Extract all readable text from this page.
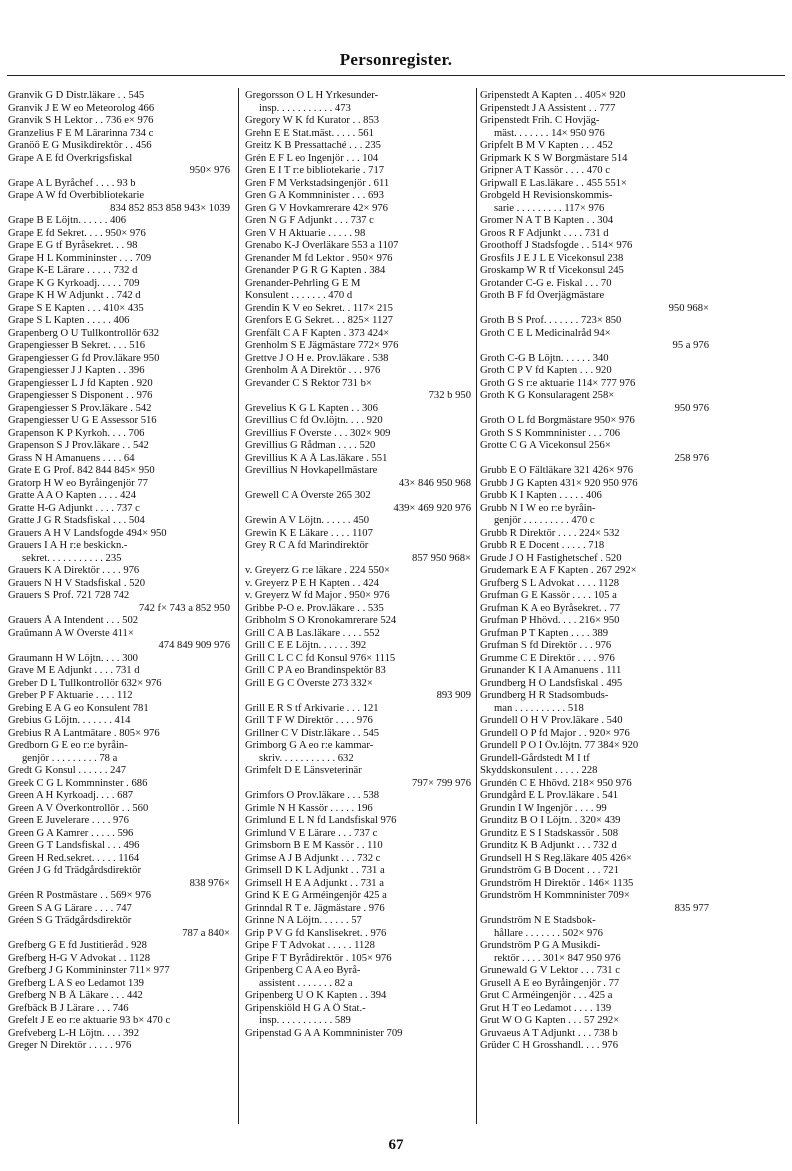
Personregister.
Granvik G D Distr.läkare . . 545
Granvik J E W eo Meteorolog 466
Granvik S H Lektor . . 736 e× 976
Granzelius F E M Lärarinna 734 c
Granöö E G Musikdirektör . . 456
Grape A E fd Överkrigsfiskal
950× 976
Grape A L Byråchef . . . . 93 b
Grape A W fd Överbibliotekarie
834 852 853 858 943× 1039
Grape B E Löjtn. . . . . . 406
Grape E fd Sekret. . . . 950× 976
Grape E G tf Byråsekret. . . 98
Grape H L Kommininster . . . 709
Grape K-E Lärare . . . . . 732 d
Grape K G Kyrkoadj. . . . . 709
Grape K H W Adjunkt . . 742 d
Grape S E Kapten . . . 410× 435
Grape S L Kapten . . . . . 406
Grapenberg O U Tullkontrollör 632
Grapengiesser B Sekret. . . . 516
Grapengiesser G fd Prov.läkare 950
Grapengiesser J J Kapten . . 396
Grapengiesser L J fd Kapten . 920
Grapengiesser S Disponent . . 976
Grapengiesser S Prov.läkare . 542
Grapengiesser U G E Assessor 516
Grapenson K P Kyrkoh. . . . 706
Grapenson S J Prov.läkare . . 542
Grass N H Amanuens . . . . 64
Grate E G Prof. 842 844 845× 950
Gratorp H W eo Byråingenjör 77
Gratte A A O Kapten . . . . 424
Gratte H-G Adjunkt . . . . 737 c
Gratte J G R Stadsfiskal . . . 504
Grauers A H V Landsfogde 494× 950
Grauers I A H r:e beskickn.-
sekret. . . . . . . . . . . 235
Grauers K A Direktör . . . . 976
Grauers N H V Stadsfiskal . 520
Grauers S Prof. 721 728 742
742 f× 743 a 852 950
Grauers Å A Intendent . . . 502
Graûmann A W Överste 411×
474 849 909 976
Graumann H W Löjtn. . . . 300
Grave M E Adjunkt . . . . 731 d
Greber D L Tullkontrollör 632× 976
Greber P F Aktuarie . . . . 112
Grebing E A G eo Konsulent 781
Grebius G Löjtn. . . . . . . 414
Grebius R A Lantmätare . 805× 976
Gredborn G E eo r:e byråin-
genjör . . . . . . . . . 78 a
Gredt G Konsul . . . . . . 247
Greek C G L Kommninster . 686
Green A H Kyrkoadj. . . . 687
Green A V Överkontrollör . . 560
Green E Juvelerare . . . . 976
Green G A Kamrer . . . . . 596
Green G T Landsfiskal . . . 496
Green H Red.sekret. . . . . 1164
Gréen J G fd Trädgårdsdirektör
838 976×
Gréen R Postmästare . . 569× 976
Green S A G Lärare . . . . 747
Gréen S G Trädgårdsdirektör
787 a 840×
Grefberg G E fd Justitieråd . 928
Grefberg H-G V Advokat . . 1128
Grefberg J G Kommininster 711× 977
Grefberg L A S eo Ledamot 139
Grefberg N B Å Läkare . . . 442
Grefbäck B J Lärare . . . 746
Grefelt J E eo r:e aktuarie 93 b× 470 c
Grefveberg L-H Löjtn. . . . 392
Greger N Direktör . . . . . 976
Gregorsson O L H Yrkesunder-
insp. . . . . . . . . . . 473
Gregory W K fd Kurator . . 853
Grehn E E Stat.mäst. . . . . 561
Greitz K B Pressattaché . . . 235
Grén E F L eo Ingenjör . . . 104
Gren E I T r:e bibliotekarie . 717
Gren F M Verkstadsingenjör . 611
Gren G A Kommninister . . . 693
Gren G V Hovkamrerare 42× 976
Gren N G F Adjunkt . . . 737 c
Gren V H Aktuarie . . . . . 98
Grenabo K-J Överläkare 553 a 1107
Grenander M fd Lektor . 950× 976
Grenander P G R G Kapten . 384
Grenander-Pehrling G E M
Konsulent . . . . . . . 470 d
Grendin K V eo Sekret. . 117× 215
Grenfors E G Sekret. . . 825× 1127
Grenfält C A F Kapten . 373 424×
Grenholm S E Jägmästare 772× 976
Grettve J O H e. Prov.läkare . 538
Grenholm Å A Direktör . . . 976
Grevander C S Rektor 731 b×
732 b 950
Grevelius K G L Kapten . . 306
Grevillius C fd Öv.löjtn. . . . 920
Grevillius F Överste . . . 302× 909
Grevillius G Rådman . . . . 520
Grevillius K A Å Las.läkare . 551
Grevillius N Hovkapellmästare
43× 846 950 968
Grewell C A Överste 265 302
439× 469 920 976
Grewin A V Löjtn. . . . . . 450
Grewin K E Läkare . . . . 1107
Grey R C A fd Marindirektör
857 950 968×
v. Greyerz G r:e läkare . 224 550×
v. Greyerz P E H Kapten . . 424
v. Greyerz W fd Major . 950× 976
Gribbe P-O e. Prov.läkare . . 535
Gribholm S O Kronokamrerare 524
Grill C A B Las.läkare . . . . 552
Grill C E E Löjtn. . . . . . 392
Grill C L C C fd Konsul 976× 1115
Grill C P A eo Brandinspektör 83
Grill E G C Överste 273 332×
893 909
Grill E R S tf Arkivarie . . . 121
Grill T F W Direktör . . . . 976
Grillner C V Distr.läkare . . 545
Grimborg G A eo r:e kammar-
skriv. . . . . . . . . . . 632
Grimfelt D E Länsveterinär
797× 799 976
Grimfors O Prov.läkare . . . 538
Grimle N H Kassör . . . . . 196
Grimlund E L N fd Landsfiskal 976
Grimlund V E Lärare . . . 737 c
Grimsborn B E M Kassör . . 110
Grimse A J B Adjunkt . . . 732 c
Grimsell D K L Adjunkt . . 731 a
Grimsell H E A Adjunkt . . 731 a
Grind K E G Arméingenjör 425 a
Grinndal R T e. Jägmästare . 976
Grinne N A Löjtn. . . . . . 57
Grip P V G fd Kanslisekret. . 976
Gripe F T Advokat . . . . . 1128
Gripe F T Byrådirektör . 105× 976
Gripenberg C A A eo Byrå-
assistent . . . . . . . 82 a
Gripenberg U O K Kapten . . 394
Gripenskiöld H G A Ö Stat.-
insp. . . . . . . . . . . 589
Gripenstad G A A Kommninister 709
Gripenstedt A Kapten . . 405× 920
Gripenstedt J A Assistent . . 777
Gripenstedt Frih. C Hovjäg-
mäst. . . . . . . 14× 950 976
Gripfelt B M V Kapten . . . 452
Gripmark K S W Borgmästare 514
Gripner A T Kassör . . . . 470 c
Gripwall E Las.läkare . . 455 551×
Grobgeld H Revisionskommis-
sarie . . . . . . . . . 117× 976
Gromer N A T B Kapten . . 304
Groos R F Adjunkt . . . . 731 d
Groothoff J Stadsfogde . . 514× 976
Grosfils J E J L E Vicekonsul 238
Groskamp W R tf Vicekonsul 245
Grotander C-G e. Fiskal . . . 70
Groth B F fd Överjägmästare
950 968×
Groth B S Prof. . . . . . . 723× 850
Groth C E L Medicinalråd 94×
95 a 976
Groth C-G B Löjtn. . . . . . 340
Groth C P V fd Kapten . . . 920
Groth G S r:e aktuarie 114× 777 976
Groth K G Konsularagent 258×
950 976
Groth O L fd Borgmästare 950× 976
Groth S S Kommninister . . . 706
Grotte C G A Vicekonsul 256×
258 976
Grubb E O Fältläkare 321 426× 976
Grubb J G Kapten 431× 920 950 976
Grubb K I Kapten . . . . . 406
Grubb N I W eo r:e byråin-
genjör . . . . . . . . . 470 c
Grubb R Direktör . . . . 224× 532
Grubb R E Docent . . . . . 718
Grude J O H Fastighetschef . 520
Grudemark E A F Kapten . 267 292×
Grufberg S L Advokat . . . . 1128
Grufman G E Kassör . . . . 105 a
Grufman K A eo Byråsekret. . 77
Grufman P Hhövd. . . . 216× 950
Grufman P T Kapten . . . . 389
Grufman S fd Direktör . . . 976
Grumme C E Direktör . . . . 976
Grunander K I A Amanuens . 111
Grundberg H O Landsfiskal . 495
Grundberg H R Stadsombuds-
man . . . . . . . . . . 518
Grundell O H V Prov.läkare . 540
Grundell O P fd Major . . 920× 976
Grundell P O I Öv.löjtn. 77 384× 920
Grundell-Gårdstedt M I tf
Skyddskonsulent . . . . . 228
Grundén C E Hhövd. 218× 950 976
Grundgård E L Prov.läkare . 541
Grundin I W Ingenjör . . . . 99
Grunditz B O I Löjtn. . 320× 439
Grunditz E S I Stadskassör . 508
Grunditz K B Adjunkt . . . 732 d
Grundsell H S Reg.läkare 405 426×
Grundström G B Docent . . . 721
Grundström H Direktör . 146× 1135
Grundström H Kommninister 709×
835 977
Grundström N E Stadsbok-
hållare . . . . . . . 502× 976
Grundström P G A Musikdi-
rektör . . . . 301× 847 950 976
Grunewald G V Lektor . . . 731 c
Grusell A E eo Byråingenjör . 77
Grut C Arméingenjör . . . 425 a
Grut H T eo Ledamot . . . . 139
Grut W O G Kapten . . . 57 292×
Gruvaeus A T Adjunkt . . . 738 b
Grüder C H Grosshandl. . . . 976
67
